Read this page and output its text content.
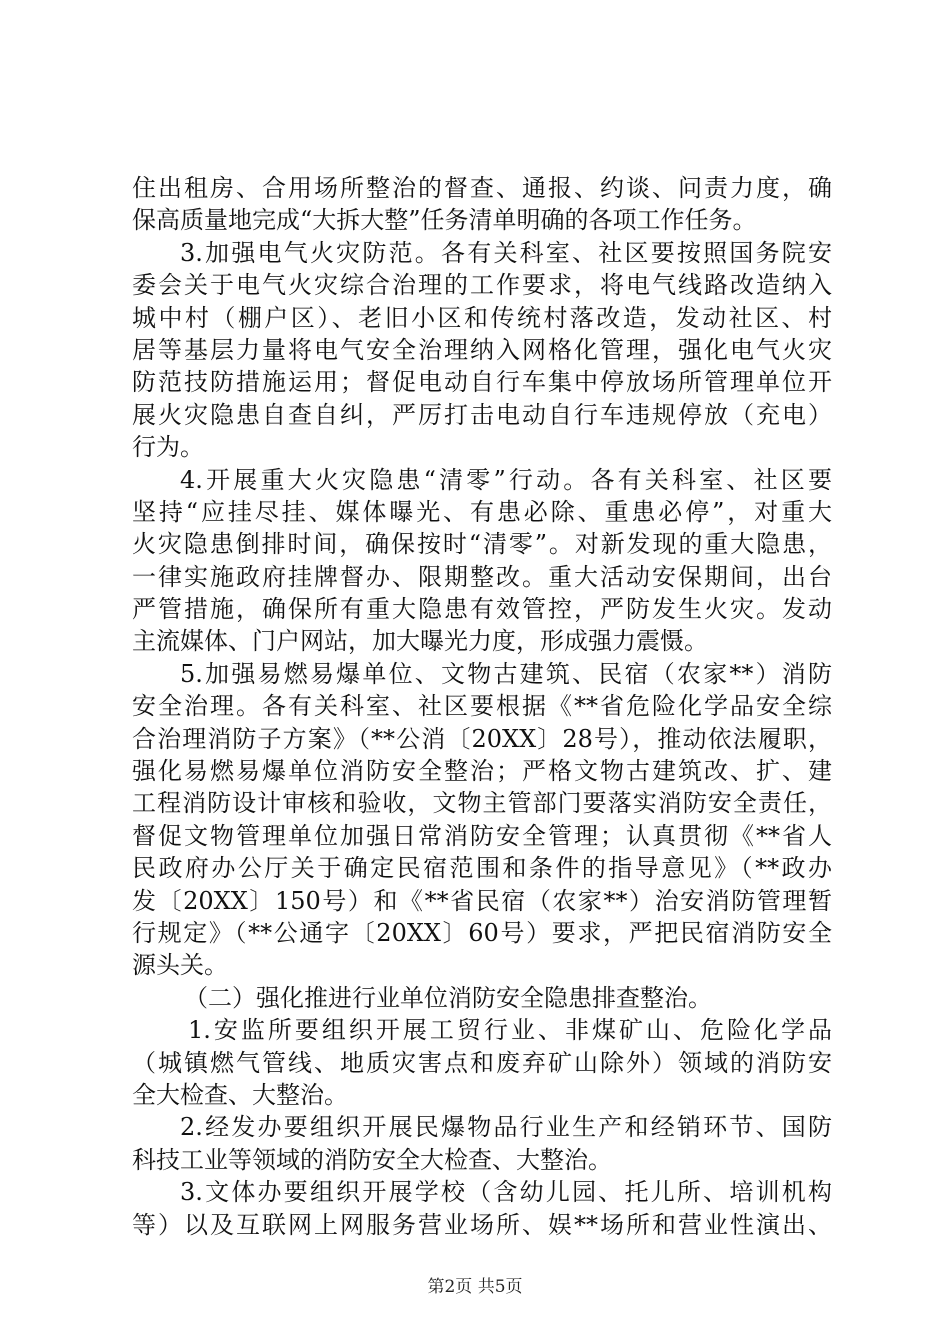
住出租房、合用场所整治的督查、通报、约谈、问责力度，确
保高质量地完成“大拆大整”任务清单明确的各项工作任务。
3.加强电气火灾防范。各有关科室、社区要按照国务院安
委会关于电气火灾综合治理的工作要求，将电气线路改造纳入
城中村（棚户区）、老旧小区和传统村落改造，发动社区、村
居等基层力量将电气安全治理纳入网格化管理，强化电气火灾
防范技防措施运用；督促电动自行车集中停放场所管理单位开
展火灾隐患自查自纠，严厉打击电动自行车违规停放（充电）
行为。
4.开展重大火灾隐患“清零”行动。各有关科室、社区要
坚持“应挂尽挂、媒体曝光、有患必除、重患必停”，对重大
火灾隐患倒排时间，确保按时“清零”。对新发现的重大隐患，
一律实施政府挂牌督办、限期整改。重大活动安保期间，出台
严管措施，确保所有重大隐患有效管控，严防发生火灾。发动
主流媒体、门户网站，加大曝光力度，形成强力震慑。
5.加强易燃易爆单位、文物古建筑、民宿（农家**）消防
安全治理。各有关科室、社区要根据《**省危险化学品安全综
合治理消防子方案》（**公消〔20XX〕28号），推动依法履职，
强化易燃易爆单位消防安全整治；严格文物古建筑改、扩、建
工程消防设计审核和验收，文物主管部门要落实消防安全责任，
督促文物管理单位加强日常消防安全管理；认真贯彻《**省人
民政府办公厅关于确定民宿范围和条件的指导意见》（**政办
发〔20XX〕150号）和《**省民宿（农家**）治安消防管理暂
行规定》（**公通字〔20XX〕60号）要求，严把民宿消防安全
源头关。
（二）强化推进行业单位消防安全隐患排查整治。
1.安监所要组织开展工贸行业、非煤矿山、危险化学品
（城镇燃气管线、地质灾害点和废弃矿山除外）领域的消防安
全大检查、大整治。
2.经发办要组织开展民爆物品行业生产和经销环节、国防
科技工业等领域的消防安全大检查、大整治。
3.文体办要组织开展学校（含幼儿园、托儿所、培训机构
等）以及互联网上网服务营业场所、娱**场所和营业性演出、
第2页 共5页
